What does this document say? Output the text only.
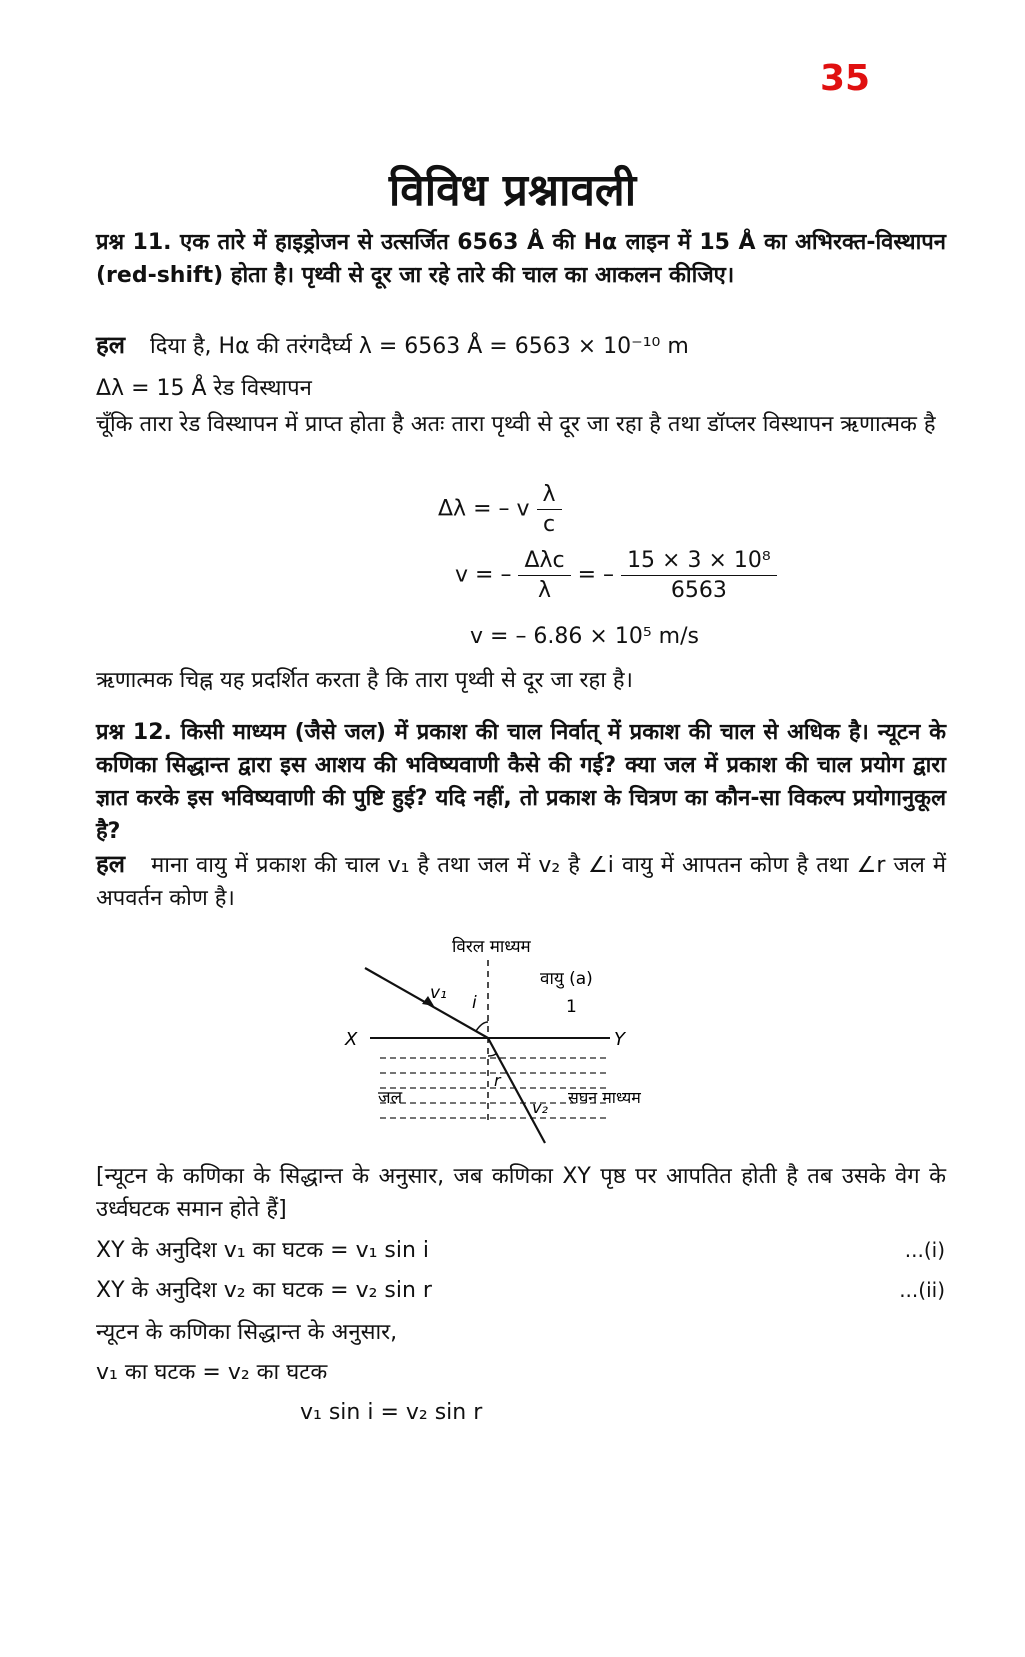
35
विविध प्रश्नावली
प्रश्न 11. एक तारे में हाइड्रोजन से उत्सर्जित 6563 Å की Hα लाइन में 15 Å का अभिरक्त-विस्थापन (red-shift) होता है। पृथ्वी से दूर जा रहे तारे की चाल का आकलन कीजिए।
हल दिया है, Hα की तरंगदैर्घ्य λ = 6563 Å = 6563 × 10⁻¹⁰ m
Δλ = 15 Å रेड विस्थापन
चूँकि तारा रेड विस्थापन में प्राप्त होता है अतः तारा पृथ्वी से दूर जा रहा है तथा डॉप्लर विस्थापन ऋणात्मक है
Δλ = – v $\frac{\lambda}{c}$
v = – $\frac{\text{Δλc}}{\lambda}$ = – $\frac{\text{15 × 3 × 10⁸}}{6563}$
v = – 6.86 × 10⁵ m/s
ऋणात्मक चिह्न यह प्रदर्शित करता है कि तारा पृथ्वी से दूर जा रहा है।
प्रश्न 12. किसी माध्यम (जैसे जल) में प्रकाश की चाल निर्वात् में प्रकाश की चाल से अधिक है। न्यूटन के कणिका सिद्धान्त द्वारा इस आशय की भविष्यवाणी कैसे की गई? क्या जल में प्रकाश की चाल प्रयोग द्वारा ज्ञात करके इस भविष्यवाणी की पुष्टि हुई? यदि नहीं, तो प्रकाश के चित्रण का कौन-सा विकल्प प्रयोगानुकूल है?
हल माना वायु में प्रकाश की चाल v₁ है तथा जल में v₂ है ∠i वायु में आपतन कोण है तथा ∠r जल में अपवर्तन कोण है।
विरल माध्यम
वायु (a)
1
v₁ i
X	Y
r
जल	v₂
सघन माध्यम
[न्यूटन के कणिका के सिद्धान्त के अनुसार, जब कणिका XY पृष्ठ पर आपतित होती है तब उसके वेग के उर्ध्वघटक समान होते हैं]
XY के अनुदिश v₁ का घटक = v₁ sin i	...(i)
XY के अनुदिश v₂ का घटक = v₂ sin r	...(ii)
न्यूटन के कणिका सिद्धान्त के अनुसार,
v₁ का घटक = v₂ का घटक
v₁ sin i = v₂ sin r
